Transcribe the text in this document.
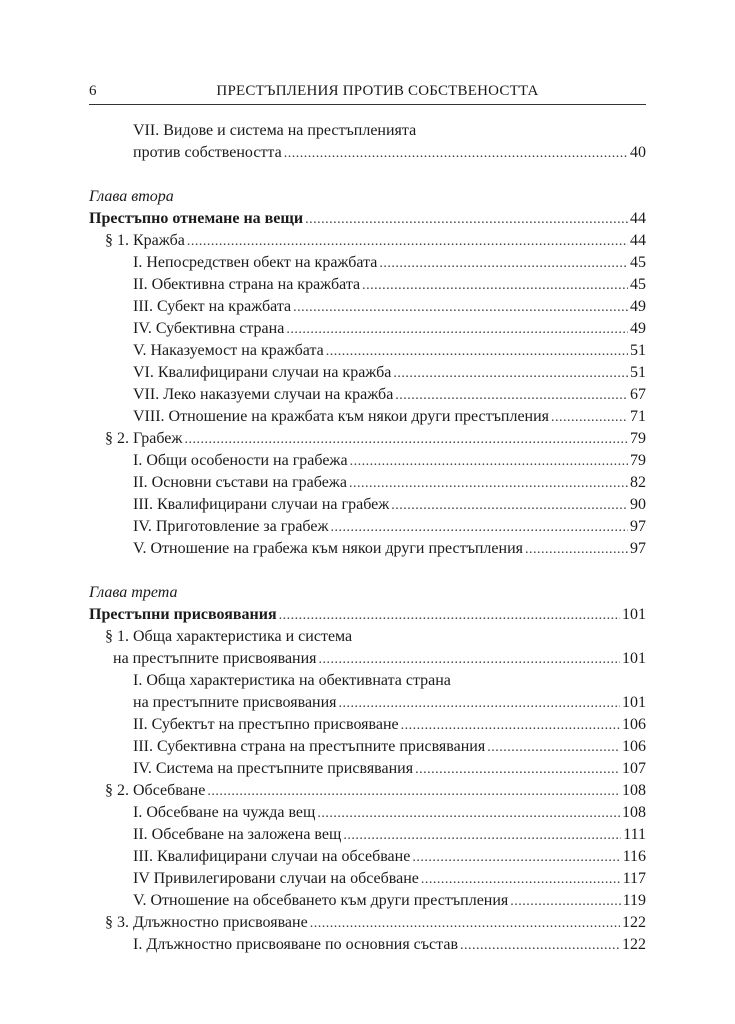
6	ПРЕСТЪПЛЕНИЯ ПРОТИВ СОБСТВЕНОСТТА
VII. Видове и система на престъпленията
против собствеността .....	40
Глава втора
Престъпно отнемане на вещи .....	44
§ 1. Кражба .....	44
I. Непосредствен обект на кражбата .....	45
II. Обективна страна на кражбата .....	45
III. Субект на кражбата .....	49
IV. Субективна страна .....	49
V. Наказуемост на кражбата .....	51
VI. Квалифицирани случаи на кражба .....	51
VII. Леко наказуеми случаи на кражба .....	67
VIII. Отношение на кражбата към някои други престъпления .....	71
§ 2. Грабеж .....	79
I. Общи особености на грабежа .....	79
II. Основни състави на грабежа .....	82
III. Квалифицирани случаи на грабеж .....	90
IV. Приготовление за грабеж .....	97
V. Отношение на грабежа към някои други престъпления .....	97
Глава трета
Престъпни присвоявания .....	101
§ 1. Обща характеристика и система
на престъпните присвоявания .....	101
I. Обща характеристика на обективната страна
на престъпните присвоявания .....	101
II. Субектът на престъпно присвояване .....	106
III. Субективна страна на престъпните присвявания .....	106
IV. Система на престъпните присвявания .....	107
§ 2. Обсебване .....	108
I. Обсебване на чужда вещ .....	108
II. Обсебване на заложена вещ .....	111
III. Квалифицирани случаи на обсебване .....	116
IV Привилегировани случаи на обсебване .....	117
V. Отношение на обсебването към други престъпления .....	119
§ 3. Длъжностно присвояване .....	122
I. Длъжностно присвояване по основния състав .....	122
